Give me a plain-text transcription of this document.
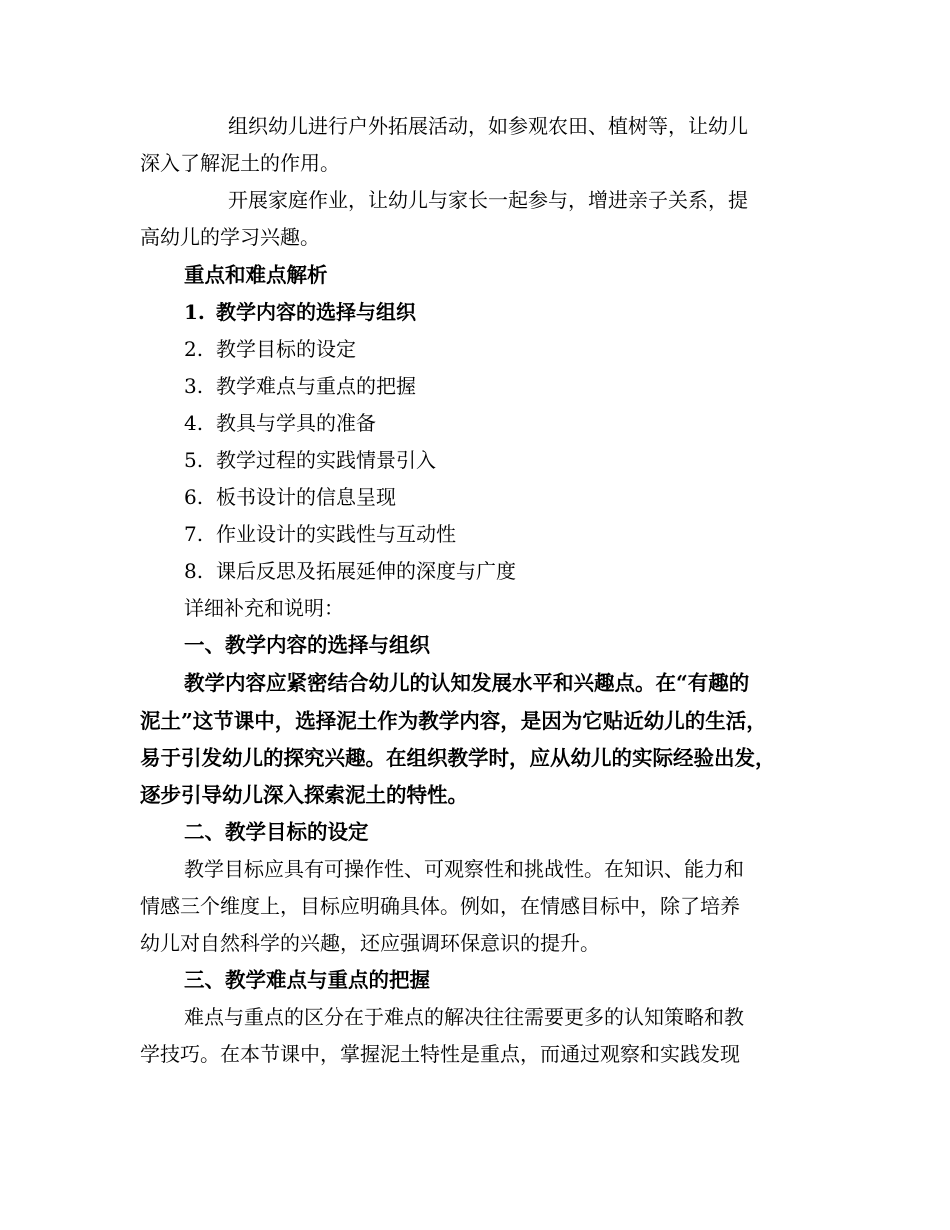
组织幼儿进行户外拓展活动，如参观农田、植树等，让幼儿
深入了解泥土的作用。
开展家庭作业，让幼儿与家长一起参与，增进亲子关系，提
高幼儿的学习兴趣。
重点和难点解析
1. 教学内容的选择与组织
2. 教学目标的设定
3. 教学难点与重点的把握
4. 教具与学具的准备
5. 教学过程的实践情景引入
6. 板书设计的信息呈现
7. 作业设计的实践性与互动性
8. 课后反思及拓展延伸的深度与广度
详细补充和说明：
一、教学内容的选择与组织
教学内容应紧密结合幼儿的认知发展水平和兴趣点。在“有趣的
泥土”这节课中，选择泥土作为教学内容，是因为它贴近幼儿的生活，
易于引发幼儿的探究兴趣。在组织教学时，应从幼儿的实际经验出发，
逐步引导幼儿深入探索泥土的特性。
二、教学目标的设定
教学目标应具有可操作性、可观察性和挑战性。在知识、能力和
情感三个维度上，目标应明确具体。例如，在情感目标中，除了培养
幼儿对自然科学的兴趣，还应强调环保意识的提升。
三、教学难点与重点的把握
难点与重点的区分在于难点的解决往往需要更多的认知策略和教
学技巧。在本节课中，掌握泥土特性是重点，而通过观察和实践发现
